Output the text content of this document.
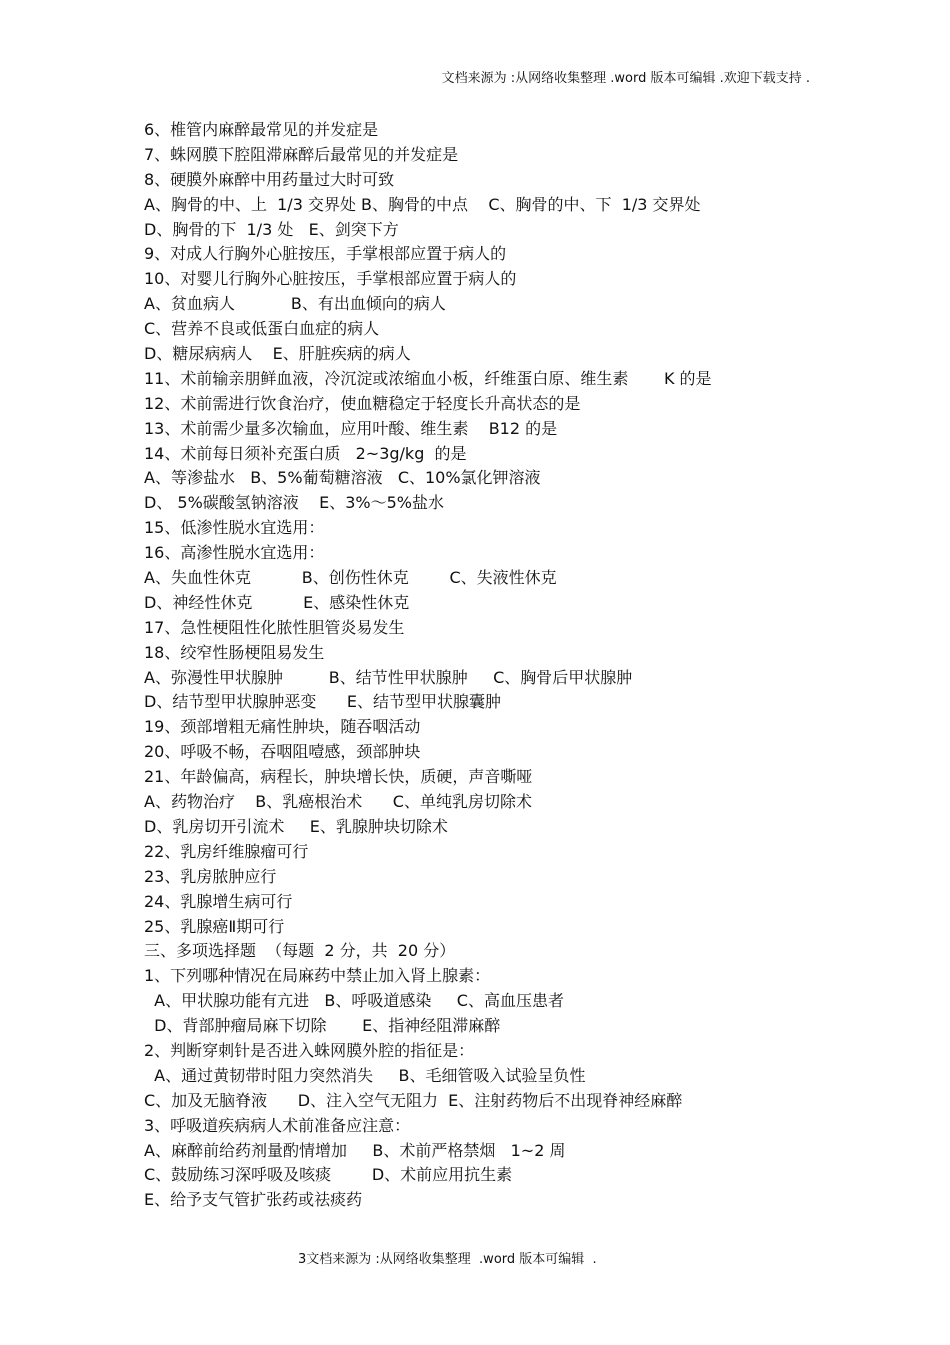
文档来源为 :从网络收集整理 .word 版本可编辑 .欢迎下载支持 .
6、椎管内麻醉最常见的并发症是
7、蛛网膜下腔阻滞麻醉后最常见的并发症是
8、硬膜外麻醉中用药量过大时可致
A、胸骨的中、上  1/3 交界处 B、胸骨的中点    C、胸骨的中、下  1/3 交界处
D、胸骨的下  1/3 处   E、剑突下方
9、对成人行胸外心脏按压，手掌根部应置于病人的
10、对婴儿行胸外心脏按压，手掌根部应置于病人的
A、贫血病人           B、有出血倾向的病人
C、营养不良或低蛋白血症的病人
D、糖尿病病人    E、肝脏疾病的病人
11、术前输亲朋鲜血液，冷沉淀或浓缩血小板，纤维蛋白原、维生素       K 的是
12、术前需进行饮食治疗，使血糖稳定于轻度长升高状态的是
13、术前需少量多次输血，应用叶酸、维生素    B12 的是
14、术前每日须补充蛋白质   2~3g/kg  的是
A、等渗盐水   B、5%葡萄糖溶液   C、10%氯化钾溶液
D、 5%碳酸氢钠溶液    E、3%～5%盐水
15、低渗性脱水宜选用：
16、高渗性脱水宜选用：
A、失血性休克          B、创伤性休克        C、失液性休克
D、神经性休克          E、感染性休克
17、急性梗阻性化脓性胆管炎易发生
18、绞窄性肠梗阻易发生
A、弥漫性甲状腺肿         B、结节性甲状腺肿     C、胸骨后甲状腺肿
D、结节型甲状腺肿恶变      E、结节型甲状腺囊肿
19、颈部增粗无痛性肿块，随吞咽活动
20、呼吸不畅，吞咽阻噎感，颈部肿块
21、年龄偏高，病程长，肿块增长快，质硬，声音嘶哑
A、药物治疗    B、乳癌根治术      C、单纯乳房切除术
D、乳房切开引流术     E、乳腺肿块切除术
22、乳房纤维腺瘤可行
23、乳房脓肿应行
24、乳腺增生病可行
25、乳腺癌Ⅱ期可行
三、多项选择题  （每题  2 分，共  20 分）
1、下列哪种情况在局麻药中禁止加入肾上腺素：
A、甲状腺功能有亢进   B、呼吸道感染     C、高血压患者
D、背部肿瘤局麻下切除       E、指神经阻滞麻醉
2、判断穿刺针是否进入蛛网膜外腔的指征是：
A、通过黄韧带时阻力突然消失     B、毛细管吸入试验呈负性
C、加及无脑脊液      D、注入空气无阻力  E、注射药物后不出现脊神经麻醉
3、呼吸道疾病病人术前准备应注意：
A、麻醉前给药剂量酌情增加     B、术前严格禁烟   1~2 周
C、鼓励练习深呼吸及咳痰        D、术前应用抗生素
E、给予支气管扩张药或祛痰药
3文档来源为 :从网络收集整理  .word 版本可编辑  .
